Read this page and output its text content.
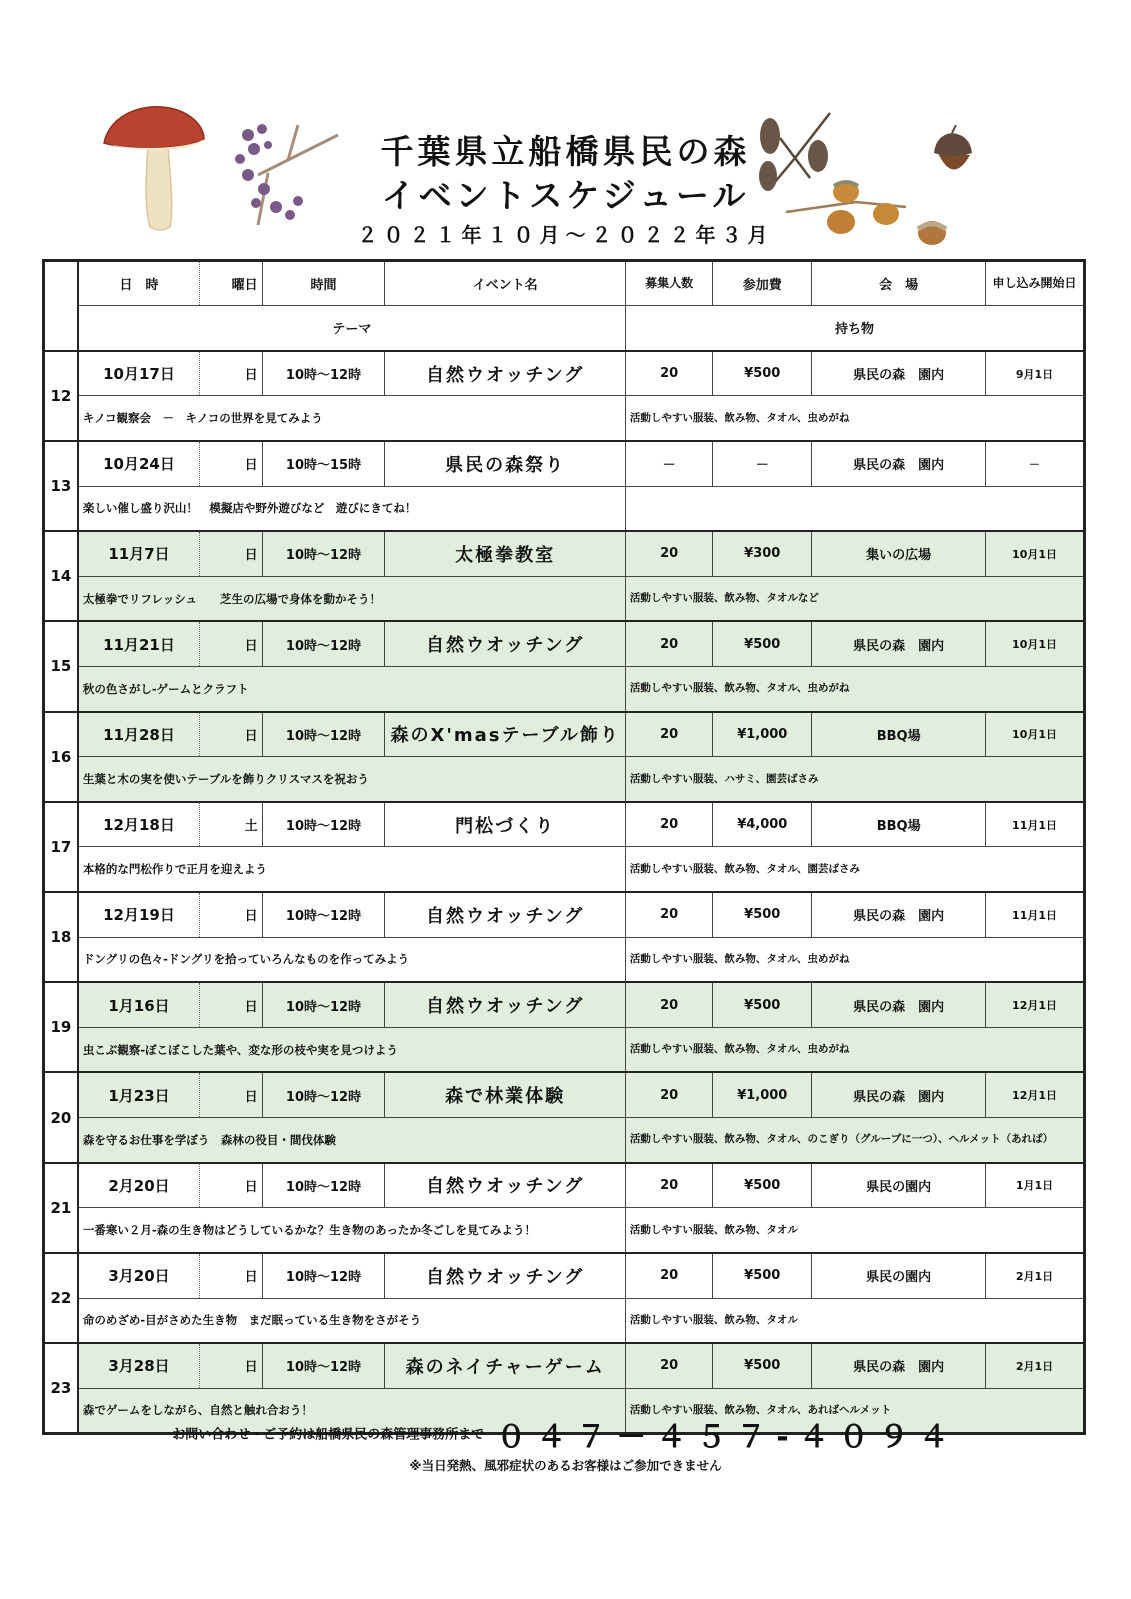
千葉県立船橋県民の森
イベントスケジュール
２０２１年１０月～２０２２年３月
	日　時	曜日	時間	イベント名	募集人数	参加費	会　場	申し込み開始日
	テーマ				持ち物			
12	10月17日	日	10時～12時	自然ウオッチング	20	¥500	県民の森　園内	9月1日
	キノコ観察会　－　キノコの世界を見てみよう				活動しやすい服装、飲み物、タオル、虫めがね			
13	10月24日	日	10時～15時	県民の森祭り	－	－	県民の森　園内	－
	楽しい催し盛り沢山！　模擬店や野外遊びなど　遊びにきてね！							
14	11月7日	日	10時～12時	太極拳教室	20	¥300	集いの広場	10月1日
	太極拳でリフレッシュ　　芝生の広場で身体を動かそう！				活動しやすい服装、飲み物、タオルなど			
15	11月21日	日	10時～12時	自然ウオッチング	20	¥500	県民の森　園内	10月1日
	秋の色さがし-ゲームとクラフト				活動しやすい服装、飲み物、タオル、虫めがね			
16	11月28日	日	10時～12時	森のX'masテーブル飾り	20	¥1,000	BBQ場	10月1日
	生葉と木の実を使いテーブルを飾りクリスマスを祝おう				活動しやすい服装、ハサミ、園芸ばさみ			
17	12月18日	土	10時～12時	門松づくり	20	¥4,000	BBQ場	11月1日
	本格的な門松作りで正月を迎えよう				活動しやすい服装、飲み物、タオル、園芸ばさみ			
18	12月19日	日	10時～12時	自然ウオッチング	20	¥500	県民の森　園内	11月1日
	ドングリの色々-ドングリを拾っていろんなものを作ってみよう				活動しやすい服装、飲み物、タオル、虫めがね			
19	1月16日	日	10時～12時	自然ウオッチング	20	¥500	県民の森　園内	12月1日
	虫こぶ観察-ぼこぼこした葉や、変な形の枝や実を見つけよう				活動しやすい服装、飲み物、タオル、虫めがね			
20	1月23日	日	10時～12時	森で林業体験	20	¥1,000	県民の森　園内	12月1日
	森を守るお仕事を学ぼう　森林の役目・間伐体験				活動しやすい服装、飲み物、タオル、のこぎり（グループに一つ）、ヘルメット（あれば）			
21	2月20日	日	10時～12時	自然ウオッチング	20	¥500	県民の園内	1月1日
	一番寒い２月-森の生き物はどうしているかな？生き物のあったか冬ごしを見てみよう！				活動しやすい服装、飲み物、タオル			
22	3月20日	日	10時～12時	自然ウオッチング	20	¥500	県民の園内	2月1日
	命のめざめ-目がさめた生き物　まだ眠っている生き物をさがそう				活動しやすい服装、飲み物、タオル			
23	3月28日	日	10時～12時	森のネイチャーゲーム	20	¥500	県民の森　園内	2月1日
	森でゲームをしながら、自然と触れ合おう！				活動しやすい服装、飲み物、タオル、あればヘルメット			
お問い合わせ・ご予約は船橋県民の森管理事務所まで ０４７－４５７-４０９４
※当日発熱、風邪症状のあるお客様はご参加できません
